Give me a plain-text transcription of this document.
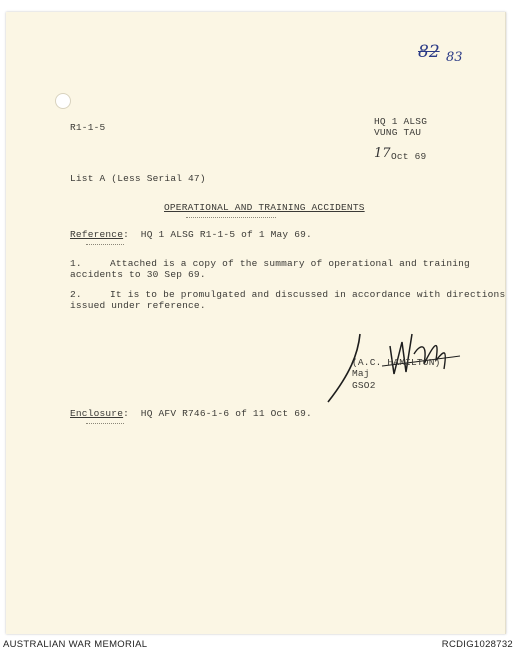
82 83
R1-1-5
HQ 1 ALSG
VUNG TAU
17 Oct 69
List A (Less Serial 47)
OPERATIONAL AND TRAINING ACCIDENTS
Reference:  HQ 1 ALSG R1-1-5 of 1 May 69.
1.	Attached is a copy of the summary of operational and training
accidents to 30 Sep 69.
2.	It is to be promulgated and discussed in accordance with directions
issued under reference.
(A.C. HAMILTON)
Maj
GSO2
Enclosure:  HQ AFV R746-1-6 of 11 Oct 69.
AUSTRALIAN WAR MEMORIAL	RCDIG1028732
